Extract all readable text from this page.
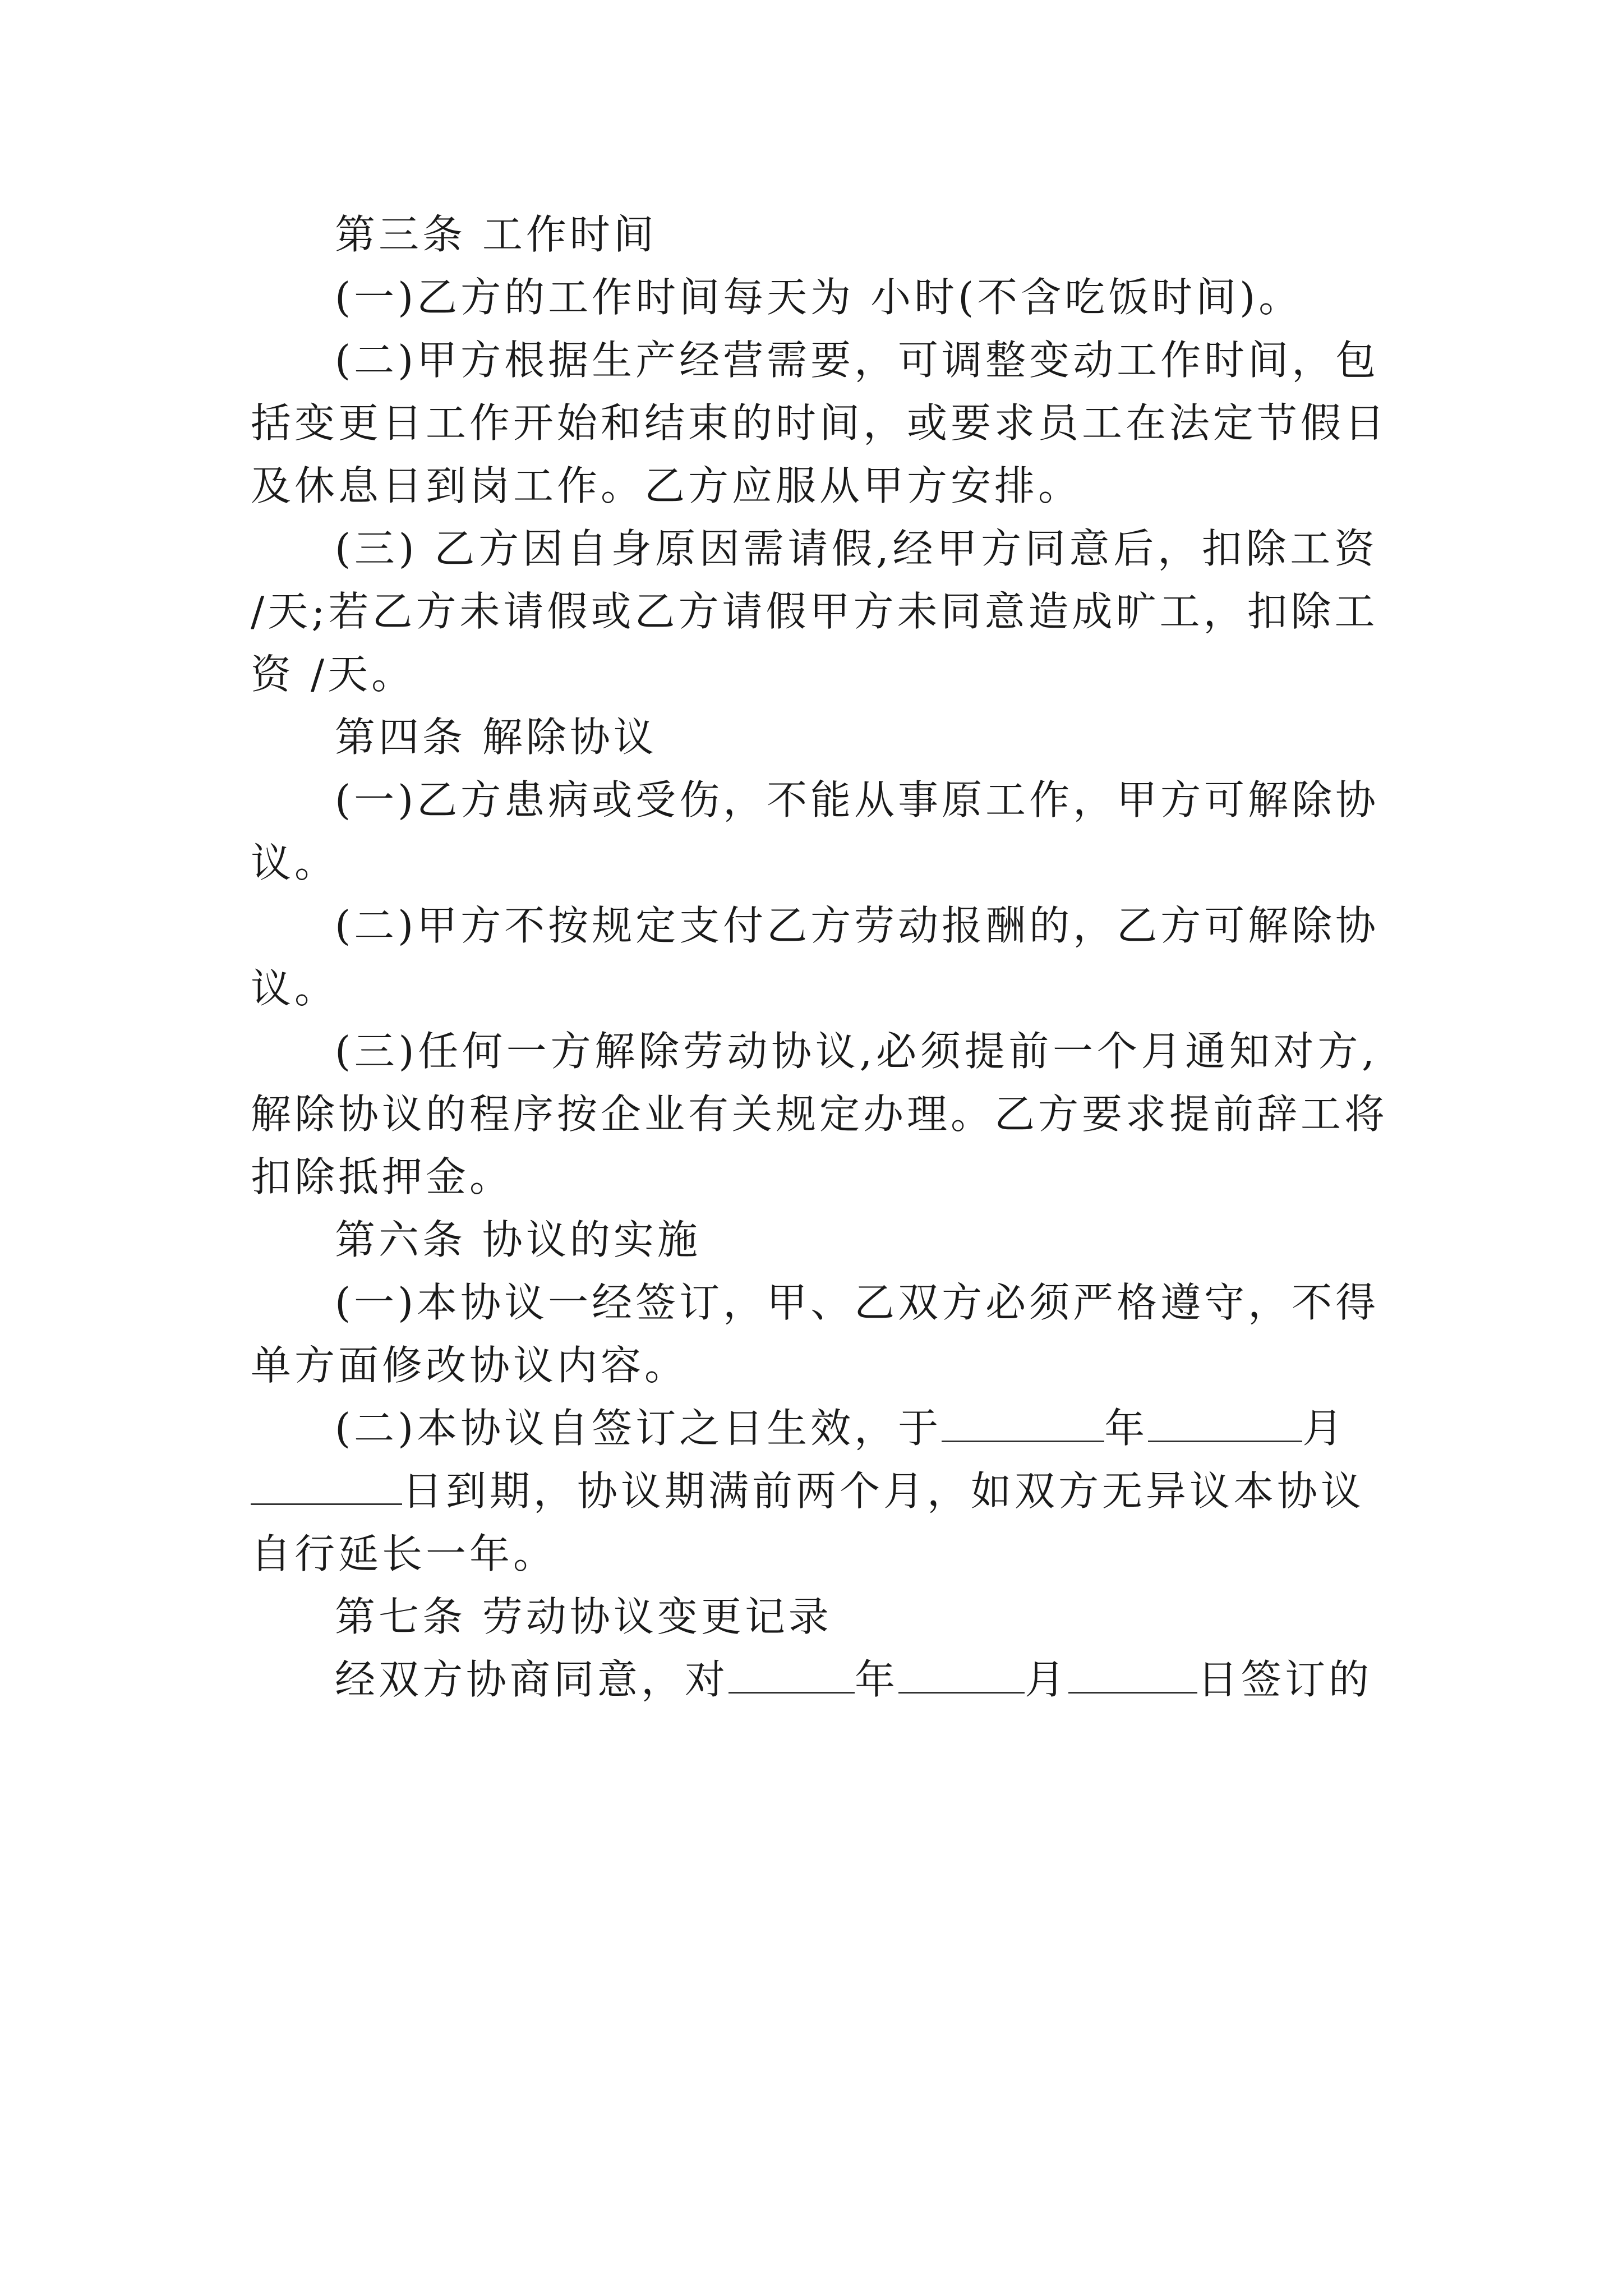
第三条 工作时间
(一)乙方的工作时间每天为 小时(不含吃饭时间)。
(二)甲方根据生产经营需要，可调整变动工作时间，包
括变更日工作开始和结束的时间，或要求员工在法定节假日
及休息日到岗工作。乙方应服从甲方安排。
(三) 乙方因自身原因需请假,经甲方同意后，扣除工资
/天;若乙方未请假或乙方请假甲方未同意造成旷工，扣除工
资 /天。
第四条 解除协议
(一)乙方患病或受伤，不能从事原工作，甲方可解除协
议。
(二)甲方不按规定支付乙方劳动报酬的，乙方可解除协
议。
(三)任何一方解除劳动协议,必须提前一个月通知对方,
解除协议的程序按企业有关规定办理。乙方要求提前辞工将
扣除抵押金。
第六条 协议的实施
(一)本协议一经签订，甲、乙双方必须严格遵守，不得
单方面修改协议内容。
(二)本协议自签订之日生效，于	年	月
日到期，协议期满前两个月，如双方无异议本协议
自行延长一年。
第七条 劳动协议变更记录
经双方协商同意，对	年	月	日签订的
